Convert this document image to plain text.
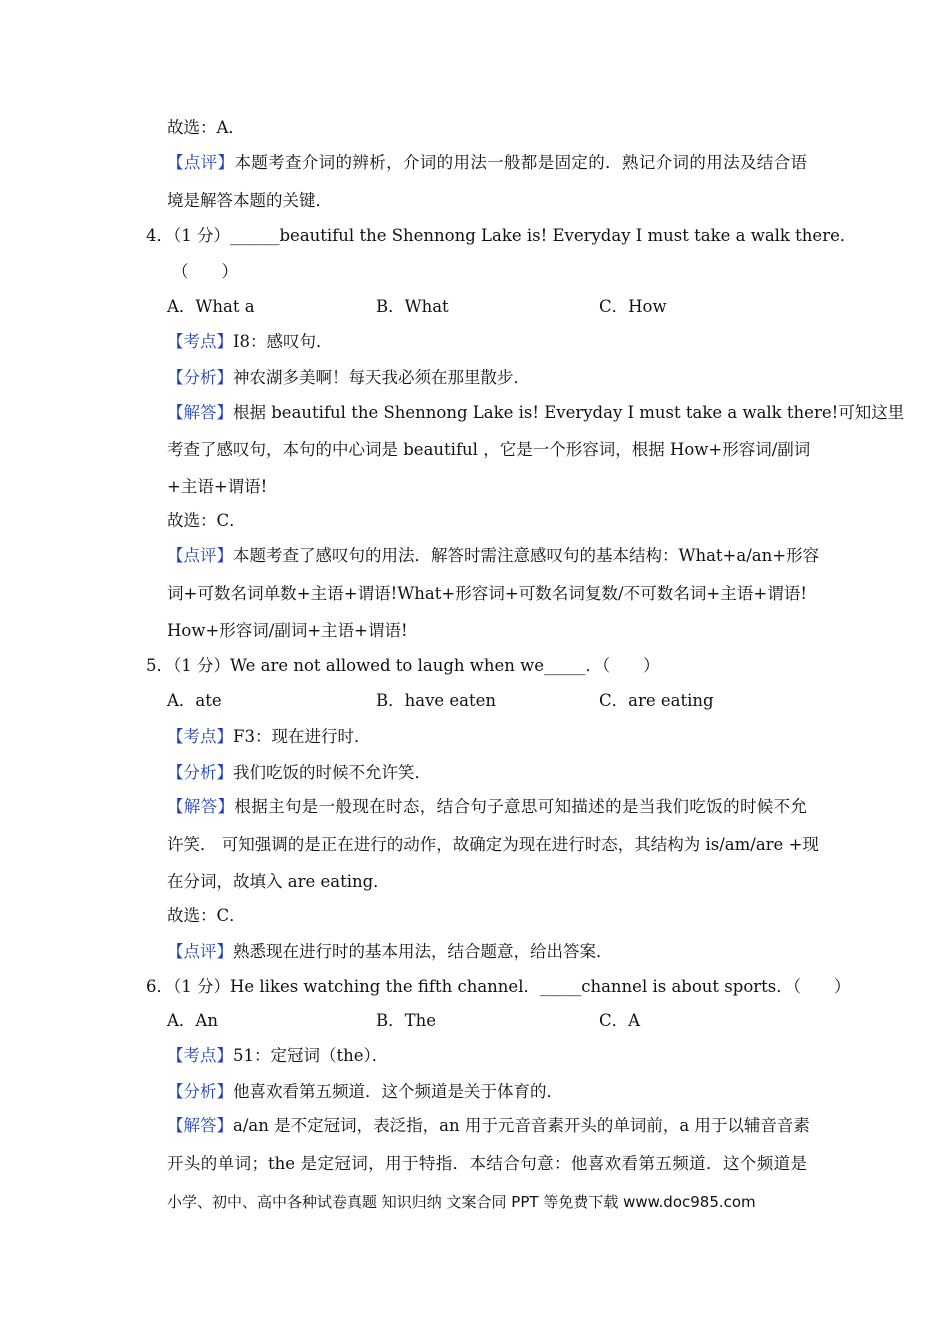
故选：A．
【点评】本题考查介词的辨析，介词的用法一般都是固定的．熟记介词的用法及结合语
境是解答本题的关键．
4．（1 分）______beautiful the Shennong Lake is! Everyday I must take a walk there．
（　　）
A．What a	B．What	C．How
【考点】I8：感叹句．
【分析】神农湖多美啊！每天我必须在那里散步．
【解答】根据 beautiful the Shennong Lake is! Everyday I must take a walk there!可知这里
考查了感叹句，本句的中心词是 beautiful ，它是一个形容词，根据 How+形容词/副词
+主语+谓语!
故选：C．
【点评】本题考查了感叹句的用法．解答时需注意感叹句的基本结构：What+a/an+形容
词+可数名词单数+主语+谓语!What+形容词+可数名词复数/不可数名词+主语+谓语!
How+形容词/副词+主语+谓语!
5．（1 分）We are not allowed to laugh when we_____．（　　）
A．ate	B．have eaten	C．are eating
【考点】F3：现在进行时．
【分析】我们吃饭的时候不允许笑．
【解答】根据主句是一般现在时态，结合句子意思可知描述的是当我们吃饭的时候不允
许笑． 可知强调的是正在进行的动作，故确定为现在进行时态，其结构为 is/am/are +现
在分词，故填入 are eating．
故选：C．
【点评】熟悉现在进行时的基本用法，结合题意，给出答案．
6．（1 分）He likes watching the fifth channel．_____channel is about sports．（　　）
A．An	B．The	C．A
【考点】51：定冠词（the）．
【分析】他喜欢看第五频道．这个频道是关于体育的．
【解答】a/an 是不定冠词，表泛指，an 用于元音音素开头的单词前，a 用于以辅音音素
开头的单词；the 是定冠词，用于特指．本结合句意：他喜欢看第五频道．这个频道是
小学、初中、高中各种试卷真题 知识归纳 文案合同 PPT 等免费下载 www.doc985.com
